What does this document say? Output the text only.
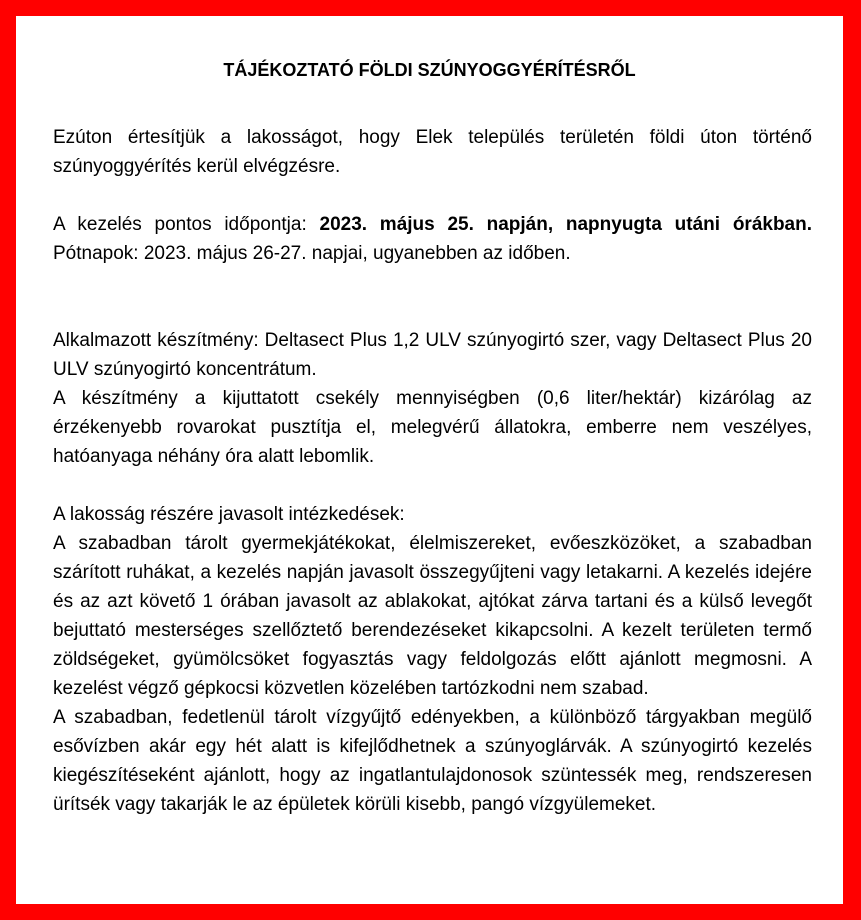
TÁJÉKOZTATÓ FÖLDI SZÚNYOGGYÉRÍTÉSRŐL

Ezúton értesítjük a lakosságot, hogy Elek település területén földi úton történő szúnyoggyérítés kerül elvégzésre.

A kezelés pontos időpontja: 2023. május 25. napján, napnyugta utáni órákban. Pótnapok: 2023. május 26-27. napjai, ugyanebben az időben.

Alkalmazott készítmény: Deltasect Plus 1,2 ULV szúnyogirtó szer, vagy Deltasect Plus 20 ULV szúnyogirtó koncentrátum.

A készítmény a kijuttatott csekély mennyiségben (0,6 liter/hektár) kizárólag az érzékenyebb rovarokat pusztítja el, melegvérű állatokra, emberre nem veszélyes, hatóanyaga néhány óra alatt lebomlik.

A lakosság részére javasolt intézkedések:

A szabadban tárolt gyermekjátékokat, élelmiszereket, evőeszközöket, a szabadban szárított ruhákat, a kezelés napján javasolt összegyűjteni vagy letakarni. A kezelés idejére és az azt követő 1 órában javasolt az ablakokat, ajtókat zárva tartani és a külső levegőt bejuttató mesterséges szellőztető berendezéseket kikapcsolni. A kezelt területen termő zöldségeket, gyümölcsöket fogyasztás vagy feldolgozás előtt ajánlott megmosni. A kezelést végző gépkocsi közvetlen közelében tartózkodni nem szabad.

A szabadban, fedetlenül tárolt vízgyűjtő edényekben, a különböző tárgyakban megülő esővízben akár egy hét alatt is kifejlődhetnek a szúnyoglárvák. A szúnyogirtó kezelés kiegészítéseként ajánlott, hogy az ingatlantulajdonosok szüntessék meg, rendszeresen ürítsék vagy takarják le az épületek körüli kisebb, pangó vízgyülemeket.
